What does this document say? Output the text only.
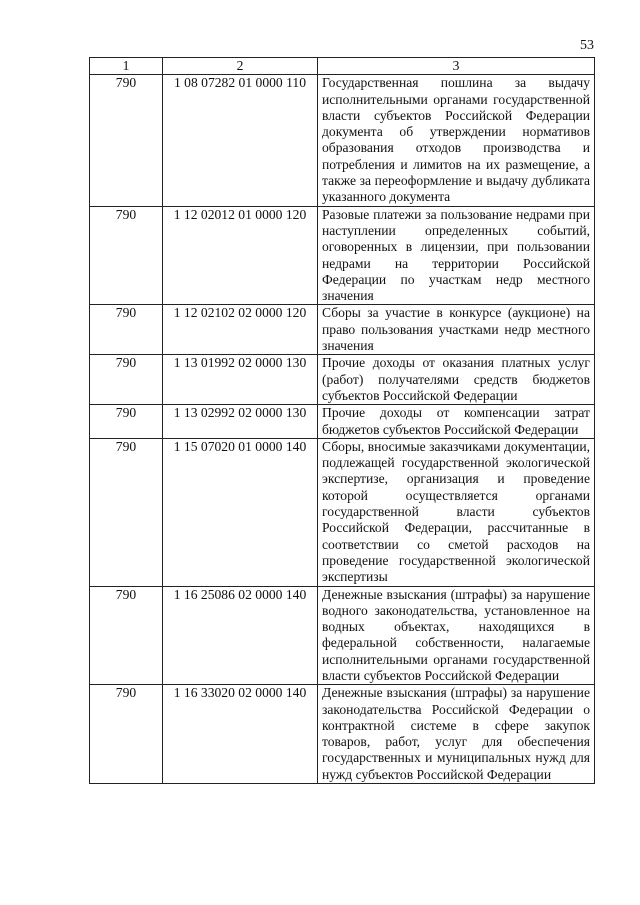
53
1	2	3
790	1 08 07282 01 0000 110	Государственная пошлина за выдачу исполнительными органами государственной власти субъектов Российской Федерации документа об утверждении нормативов образования отходов производства и потребления и лимитов на их размещение, а также за переоформление и выдачу дубликата указанного документа
790	1 12 02012 01 0000 120	Разовые платежи за пользование недрами при наступлении определенных событий, оговоренных в лицензии, при пользовании недрами на территории Российской Федерации по участкам недр местного значения
790	1 12 02102 02 0000 120	Сборы за участие в конкурсе (аукционе) на право пользования участками недр местного значения
790	1 13 01992 02 0000 130	Прочие доходы от оказания платных услуг (работ) получателями средств бюджетов субъектов Российской Федерации
790	1 13 02992 02 0000 130	Прочие доходы от компенсации затрат бюджетов субъектов Российской Федерации
790	1 15 07020 01 0000 140	Сборы, вносимые заказчиками документации, подлежащей государственной экологической экспертизе, организация и проведение которой осуществляется органами государственной власти субъектов Российской Федерации, рассчитанные в соответствии со сметой расходов на проведение государственной экологической экспертизы
790	1 16 25086 02 0000 140	Денежные взыскания (штрафы) за нарушение водного законодательства, установленное на водных объектах, находящихся в федеральной собственности, налагаемые исполнительными органами государственной власти субъектов Российской Федерации
790	1 16 33020 02 0000 140	Денежные взыскания (штрафы) за нарушение законодательства Российской Федерации о контрактной системе в сфере закупок товаров, работ, услуг для обеспечения государственных и муниципальных нужд для нужд субъектов Российской Федерации
